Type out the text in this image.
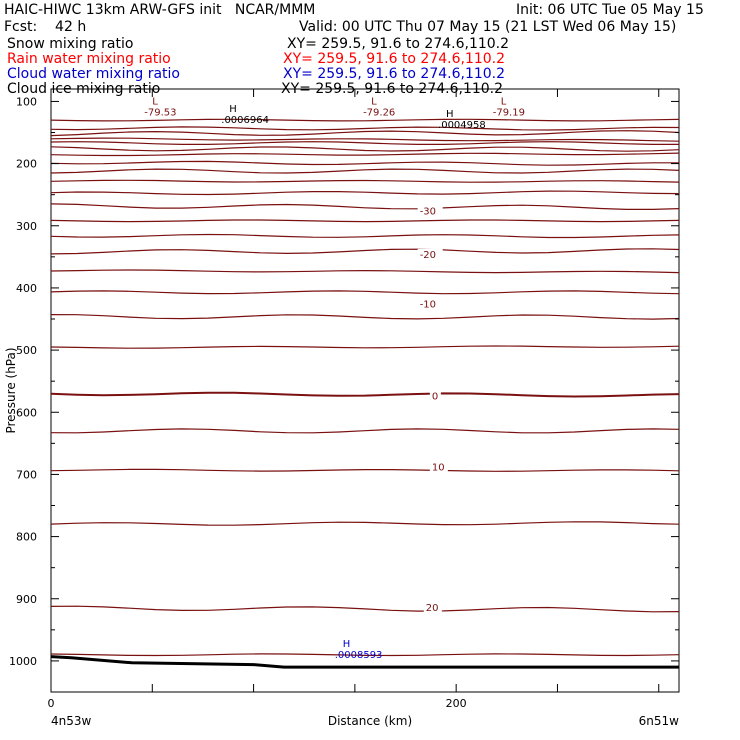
HAIC-HIWC 13km ARW-GFS init   NCAR/MMM	Init: 06 UTC Tue 05 May 15
Fcst:    42 h	Valid: 00 UTC Thu 07 May 15 (21 LST Wed 06 May 15)
Snow mixing ratio	XY= 259.5, 91.6 to 274.6,110.2
Rain water mixing ratio	XY= 259.5, 91.6 to 274.6,110.2
Cloud water mixing ratio	XY= 259.5, 91.6 to 274.6,110.2
Cloud ice mixing ratio	XY= 259.5, 91.6 to 274.6,110.2
-30
-20
-10
0
10
20
L
-79.53
L
-79.26
L
-79.19
H
.0006964
H
.0004958
H
.0008593
100
200
300
400
500
600
700
800
900
1000
0	200
Distance (km)
Pressure (hPa)
4n53w	6n51w
